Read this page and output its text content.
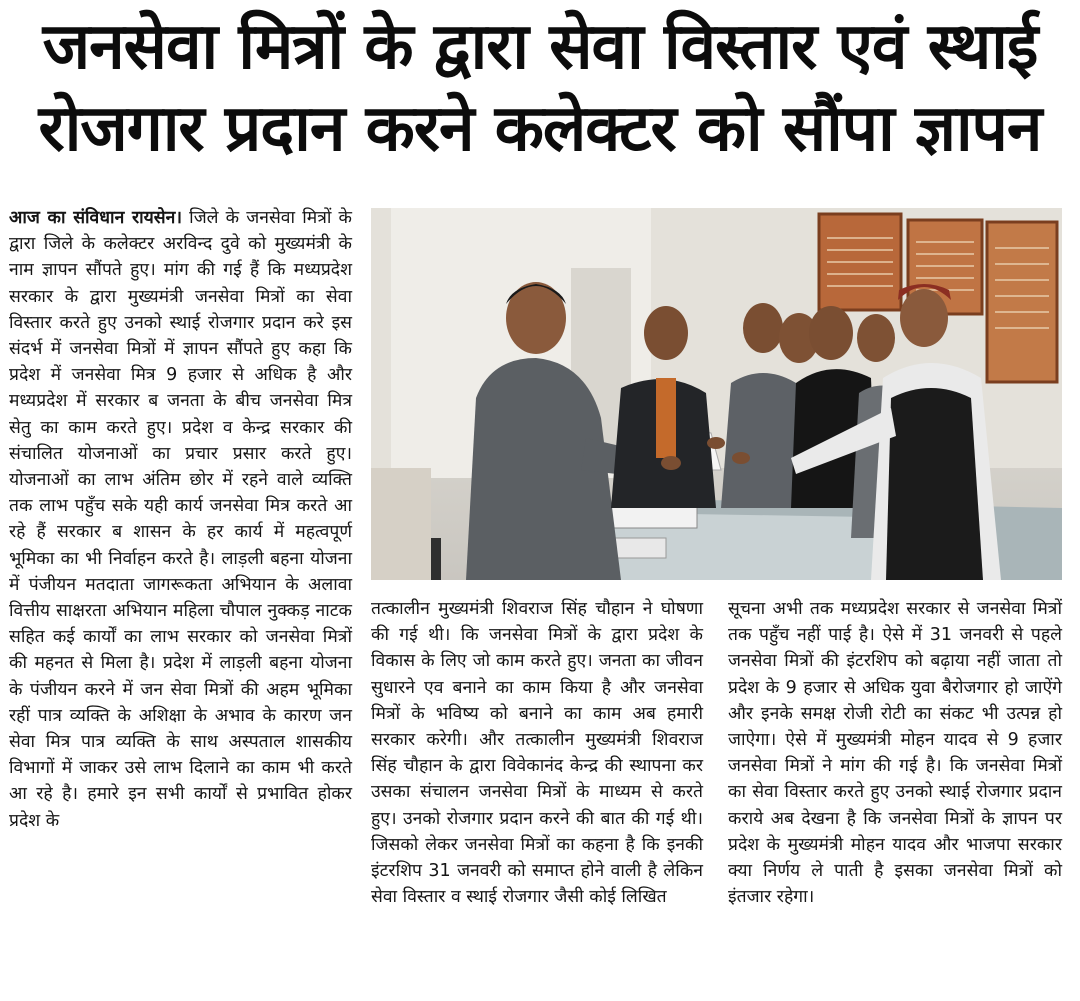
जनसेवा मित्रों के द्वारा सेवा विस्तार एवं स्थाई
रोजगार प्रदान करने कलेक्टर को सौंपा ज्ञापन
आज का संविधान रायसेन। जिले के जनसेवा मित्रों के द्वारा जिले के कलेक्टर अरविन्द दुवे को मुख्यमंत्री के नाम ज्ञापन सौंपते हुए। मांग की गई हैं कि मध्यप्रदेश सरकार के द्वारा मुख्यमंत्री जनसेवा मित्रों का सेवा विस्तार करते हुए उनको स्थाई रोजगार प्रदान करे इस संदर्भ में जनसेवा मित्रों में ज्ञापन सौंपते हुए कहा कि प्रदेश में जनसेवा मित्र 9 हजार से अधिक है और मध्यप्रदेश में सरकार ब जनता के बीच जनसेवा मित्र सेतु का काम करते हुए। प्रदेश व केन्द्र सरकार की संचालित योजनाओं का प्रचार प्रसार करते हुए। योजनाओं का लाभ अंतिम छोर में रहने वाले व्यक्ति तक लाभ पहुँच सके यही कार्य जनसेवा मित्र करते आ रहे हैं सरकार ब शासन के हर कार्य में महत्वपूर्ण भूमिका का भी निर्वाहन करते है। लाड़ली बहना योजना में पंजीयन मतदाता जागरूकता अभियान के अलावा वित्तीय साक्षरता अभियान महिला चौपाल नुक्कड़ नाटक सहित कई कार्यों का लाभ सरकार को जनसेवा मित्रों की महनत से मिला है। प्रदेश में लाड़ली बहना योजना के पंजीयन करने में जन सेवा मित्रों की अहम भूमिका रहीं पात्र व्यक्ति के अशिक्षा के अभाव के कारण जन सेवा मित्र पात्र व्यक्ति के साथ अस्पताल शासकीय विभागों में जाकर उसे लाभ दिलाने का काम भी करते आ रहे है। हमारे इन सभी कार्यों से प्रभावित होकर प्रदेश के
तत्कालीन मुख्यमंत्री शिवराज सिंह चौहान ने घोषणा की गई थी। कि जनसेवा मित्रों के द्वारा प्रदेश के विकास के लिए जो काम करते हुए। जनता का जीवन सुधारने एव बनाने का काम किया है और जनसेवा मित्रों के भविष्य को बनाने का काम अब हमारी सरकार करेगी। और तत्कालीन मुख्यमंत्री शिवराज सिंह चौहान के द्वारा विवेकानंद केन्द्र की स्थापना कर उसका संचालन जनसेवा मित्रों के माध्यम से करते हुए। उनको रोजगार प्रदान करने की बात की गई थी। जिसको लेकर जनसेवा मित्रों का कहना है कि इनकी इंटरशिप 31 जनवरी को समाप्त होने वाली है लेकिन सेवा विस्तार व स्थाई रोजगार जैसी कोई लिखित
सूचना अभी तक मध्यप्रदेश सरकार से जनसेवा मित्रों तक पहुँच नहीं पाई है। ऐसे में 31 जनवरी से पहले जनसेवा मित्रों की इंटरशिप को बढ़ाया नहीं जाता तो प्रदेश के 9 हजार से अधिक युवा बैरोजगार हो जाऐंगे और इनके समक्ष रोजी रोटी का संकट भी उत्पन्न हो जाऐगा। ऐसे में मुख्यमंत्री मोहन यादव से 9 हजार जनसेवा मित्रों ने मांग की गई है। कि जनसेवा मित्रों का सेवा विस्तार करते हुए उनको स्थाई रोजगार प्रदान कराये अब देखना है कि जनसेवा मित्रों के ज्ञापन पर प्रदेश के मुख्यमंत्री मोहन यादव और भाजपा सरकार क्या निर्णय ले पाती है इसका जनसेवा मित्रों को इंतजार रहेगा।
